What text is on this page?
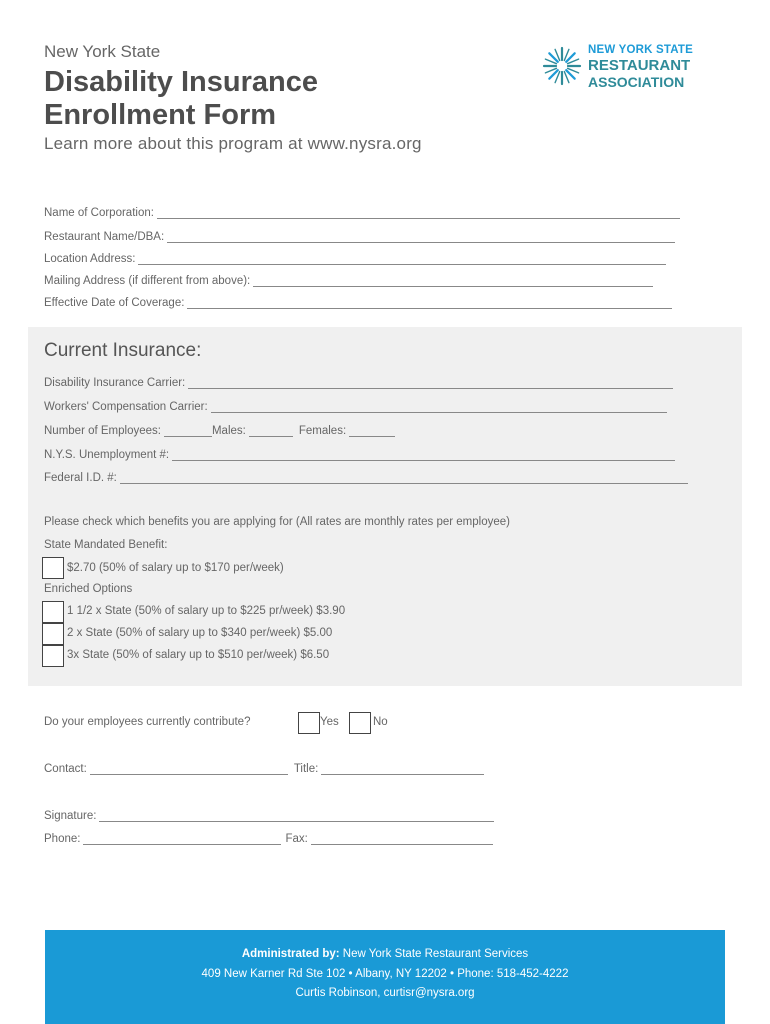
New York State
Disability Insurance
Enrollment Form
Learn more about this program at www.nysra.org
NEW YORK STATE
RESTAURANT
ASSOCIATION
Name of Corporation:
Restaurant Name/DBA:
Location Address:
Mailing Address (if different from above):
Effective Date of Coverage:
Current Insurance:
Disability Insurance Carrier:
Workers' Compensation Carrier:
Number of Employees:	Males:	Females:
N.Y.S. Unemployment #:
Federal I.D. #:
Please check which benefits you are applying for (All rates are monthly rates per employee)
State Mandated Benefit:
$2.70 (50% of salary up to $170 per/week)
Enriched Options
1 1/2 x State (50% of salary up to $225 pr/week) $3.90
2 x State (50% of salary up to $340 per/week) $5.00
3x State (50% of salary up to $510 per/week) $6.50
Do your employees currently contribute?	Yes	No
Contact:	Title:
Signature:
Phone:	Fax:
Administrated by: New York State Restaurant Services
409 New Karner Rd Ste 102 • Albany, NY 12202 • Phone: 518-452-4222
Curtis Robinson, curtisr@nysra.org
